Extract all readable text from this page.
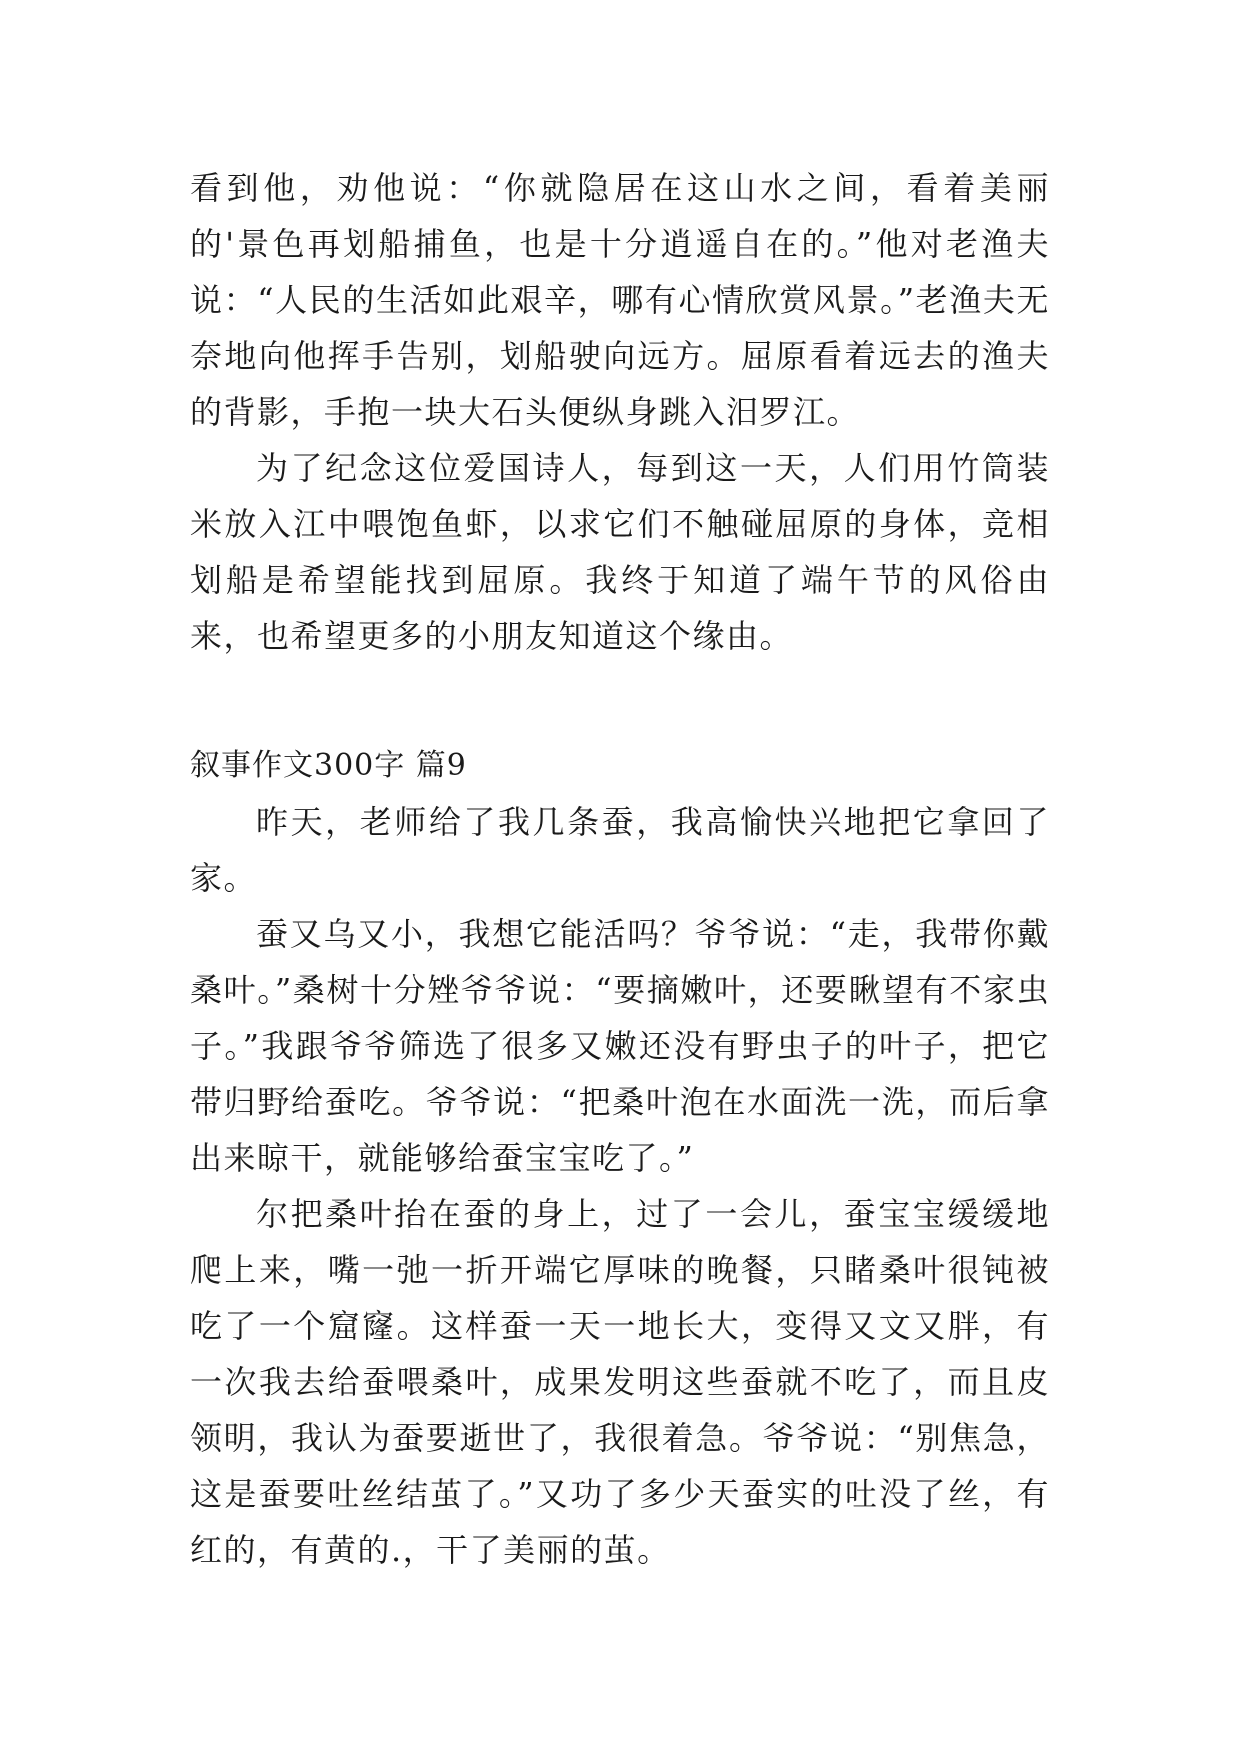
看到他，劝他说：“你就隐居在这山水之间，看着美丽的'景色再划船捕鱼，也是十分逍遥自在的。”他对老渔夫说：“人民的生活如此艰辛，哪有心情欣赏风景。”老渔夫无奈地向他挥手告别，划船驶向远方。屈原看着远去的渔夫的背影，手抱一块大石头便纵身跳入汨罗江。

为了纪念这位爱国诗人，每到这一天，人们用竹筒装米放入江中喂饱鱼虾，以求它们不触碰屈原的身体，竞相划船是希望能找到屈原。我终于知道了端午节的风俗由来，也希望更多的小朋友知道这个缘由。

叙事作文300字 篇9

昨天，老师给了我几条蚕，我高愉快兴地把它拿回了家。

蚕又乌又小，我想它能活吗？爷爷说：“走，我带你戴桑叶。”桑树十分矬爷爷说：“要摘嫩叶，还要瞅望有不家虫子。”我跟爷爷筛选了很多又嫩还没有野虫子的叶子，把它带归野给蚕吃。爷爷说：“把桑叶泡在水面洗一洗，而后拿出来晾干，就能够给蚕宝宝吃了。”

尔把桑叶抬在蚕的身上，过了一会儿，蚕宝宝缓缓地爬上来，嘴一弛一折开端它厚味的晚餐，只睹桑叶很钝被吃了一个窟窿。这样蚕一天一地长大，变得又文又胖，有一次我去给蚕喂桑叶，成果发明这些蚕就不吃了，而且皮领明，我认为蚕要逝世了，我很着急。爷爷说：“别焦急，这是蚕要吐丝结茧了。”又功了多少天蚕实的吐没了丝，有红的，有黄的.，干了美丽的茧。
